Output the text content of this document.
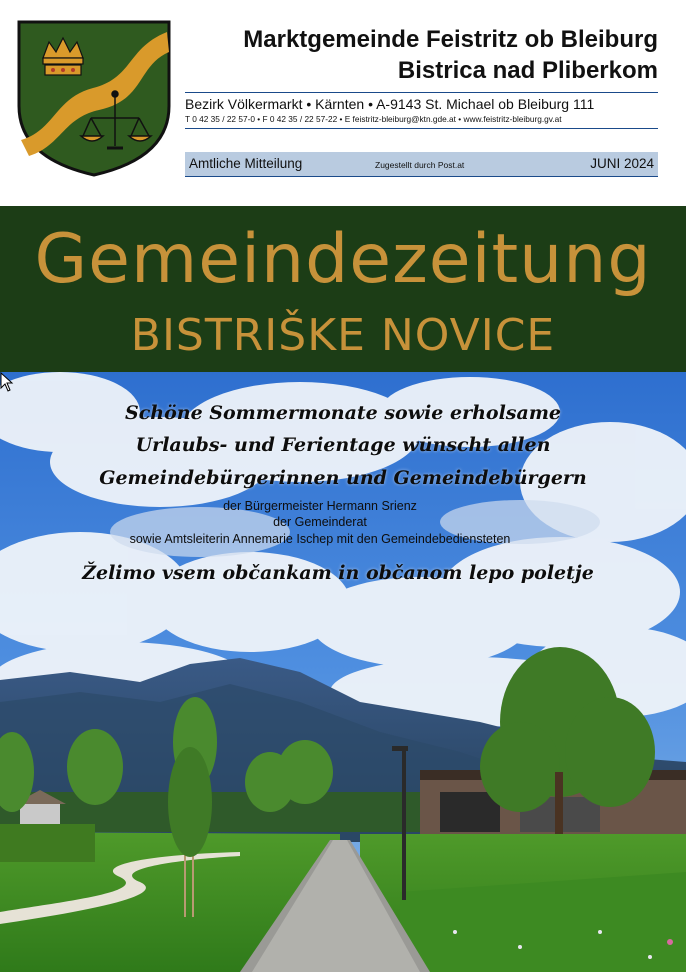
Marktgemeinde Feistritz ob Bleiburg
Bistrica nad Pliberkom
Bezirk Völkermarkt • Kärnten • A-9143 St. Michael ob Bleiburg 111
T 0 42 35 / 22 57-0 • F 0 42 35 / 22 57-22 • E feistritz-bleiburg@ktn.gde.at • www.feistritz-bleiburg.gv.at
Amtliche Mitteilung	Zugestellt durch Post.at	JUNI 2024
Gemeindezeitung
BISTRIŠKE NOVICE
Schöne Sommermonate sowie erholsame
Urlaubs- und Ferientage wünscht allen
Gemeindebürgerinnen und Gemeindebürgern
der Bürgermeister Hermann Srienz
der Gemeinderat
sowie Amtsleiterin Annemarie Ischep mit den Gemeindebediensteten
Želimo vsem občankam in občanom lepo poletje
